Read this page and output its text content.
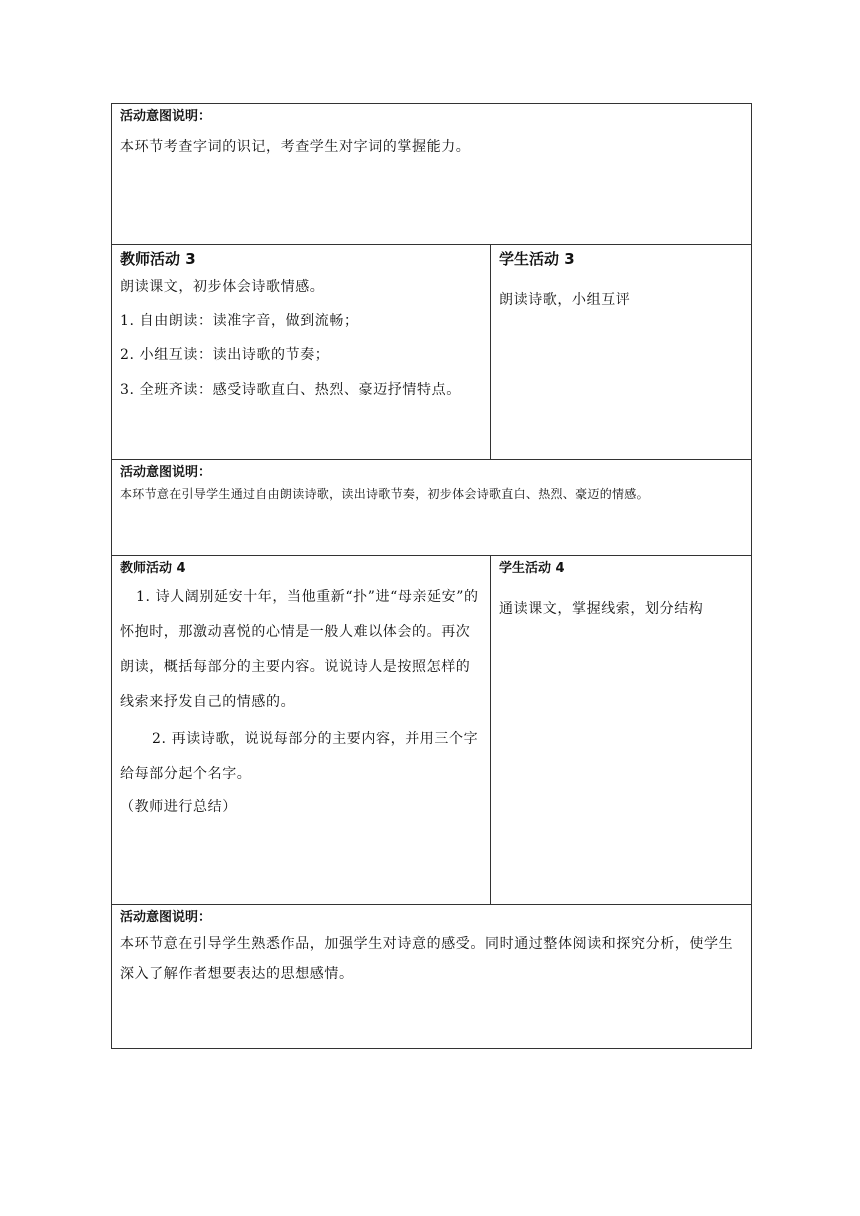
活动意图说明：

本环节考查字词的识记，考查学生对字词的掌握能力。

教师活动 3

朗读课文，初步体会诗歌情感。

1. 自由朗读：读准字音，做到流畅；

2. 小组互读：读出诗歌的节奏；

3. 全班齐读：感受诗歌直白、热烈、豪迈抒情特点。

学生活动 3

朗读诗歌，小组互评

活动意图说明：

本环节意在引导学生通过自由朗读诗歌，读出诗歌节奏，初步体会诗歌直白、热烈、豪迈的情感。

教师活动 4

1. 诗人阔别延安十年，当他重新“扑”进“母亲延安”的怀抱时，那激动喜悦的心情是一般人难以体会的。再次朗读，概括每部分的主要内容。说说诗人是按照怎样的线索来抒发自己的情感的。

2. 再读诗歌，说说每部分的主要内容，并用三个字给每部分起个名字。

（教师进行总结）

学生活动 4

通读课文，掌握线索，划分结构

活动意图说明：

本环节意在引导学生熟悉作品，加强学生对诗意的感受。同时通过整体阅读和探究分析，使学生深入了解作者想要表达的思想感情。
